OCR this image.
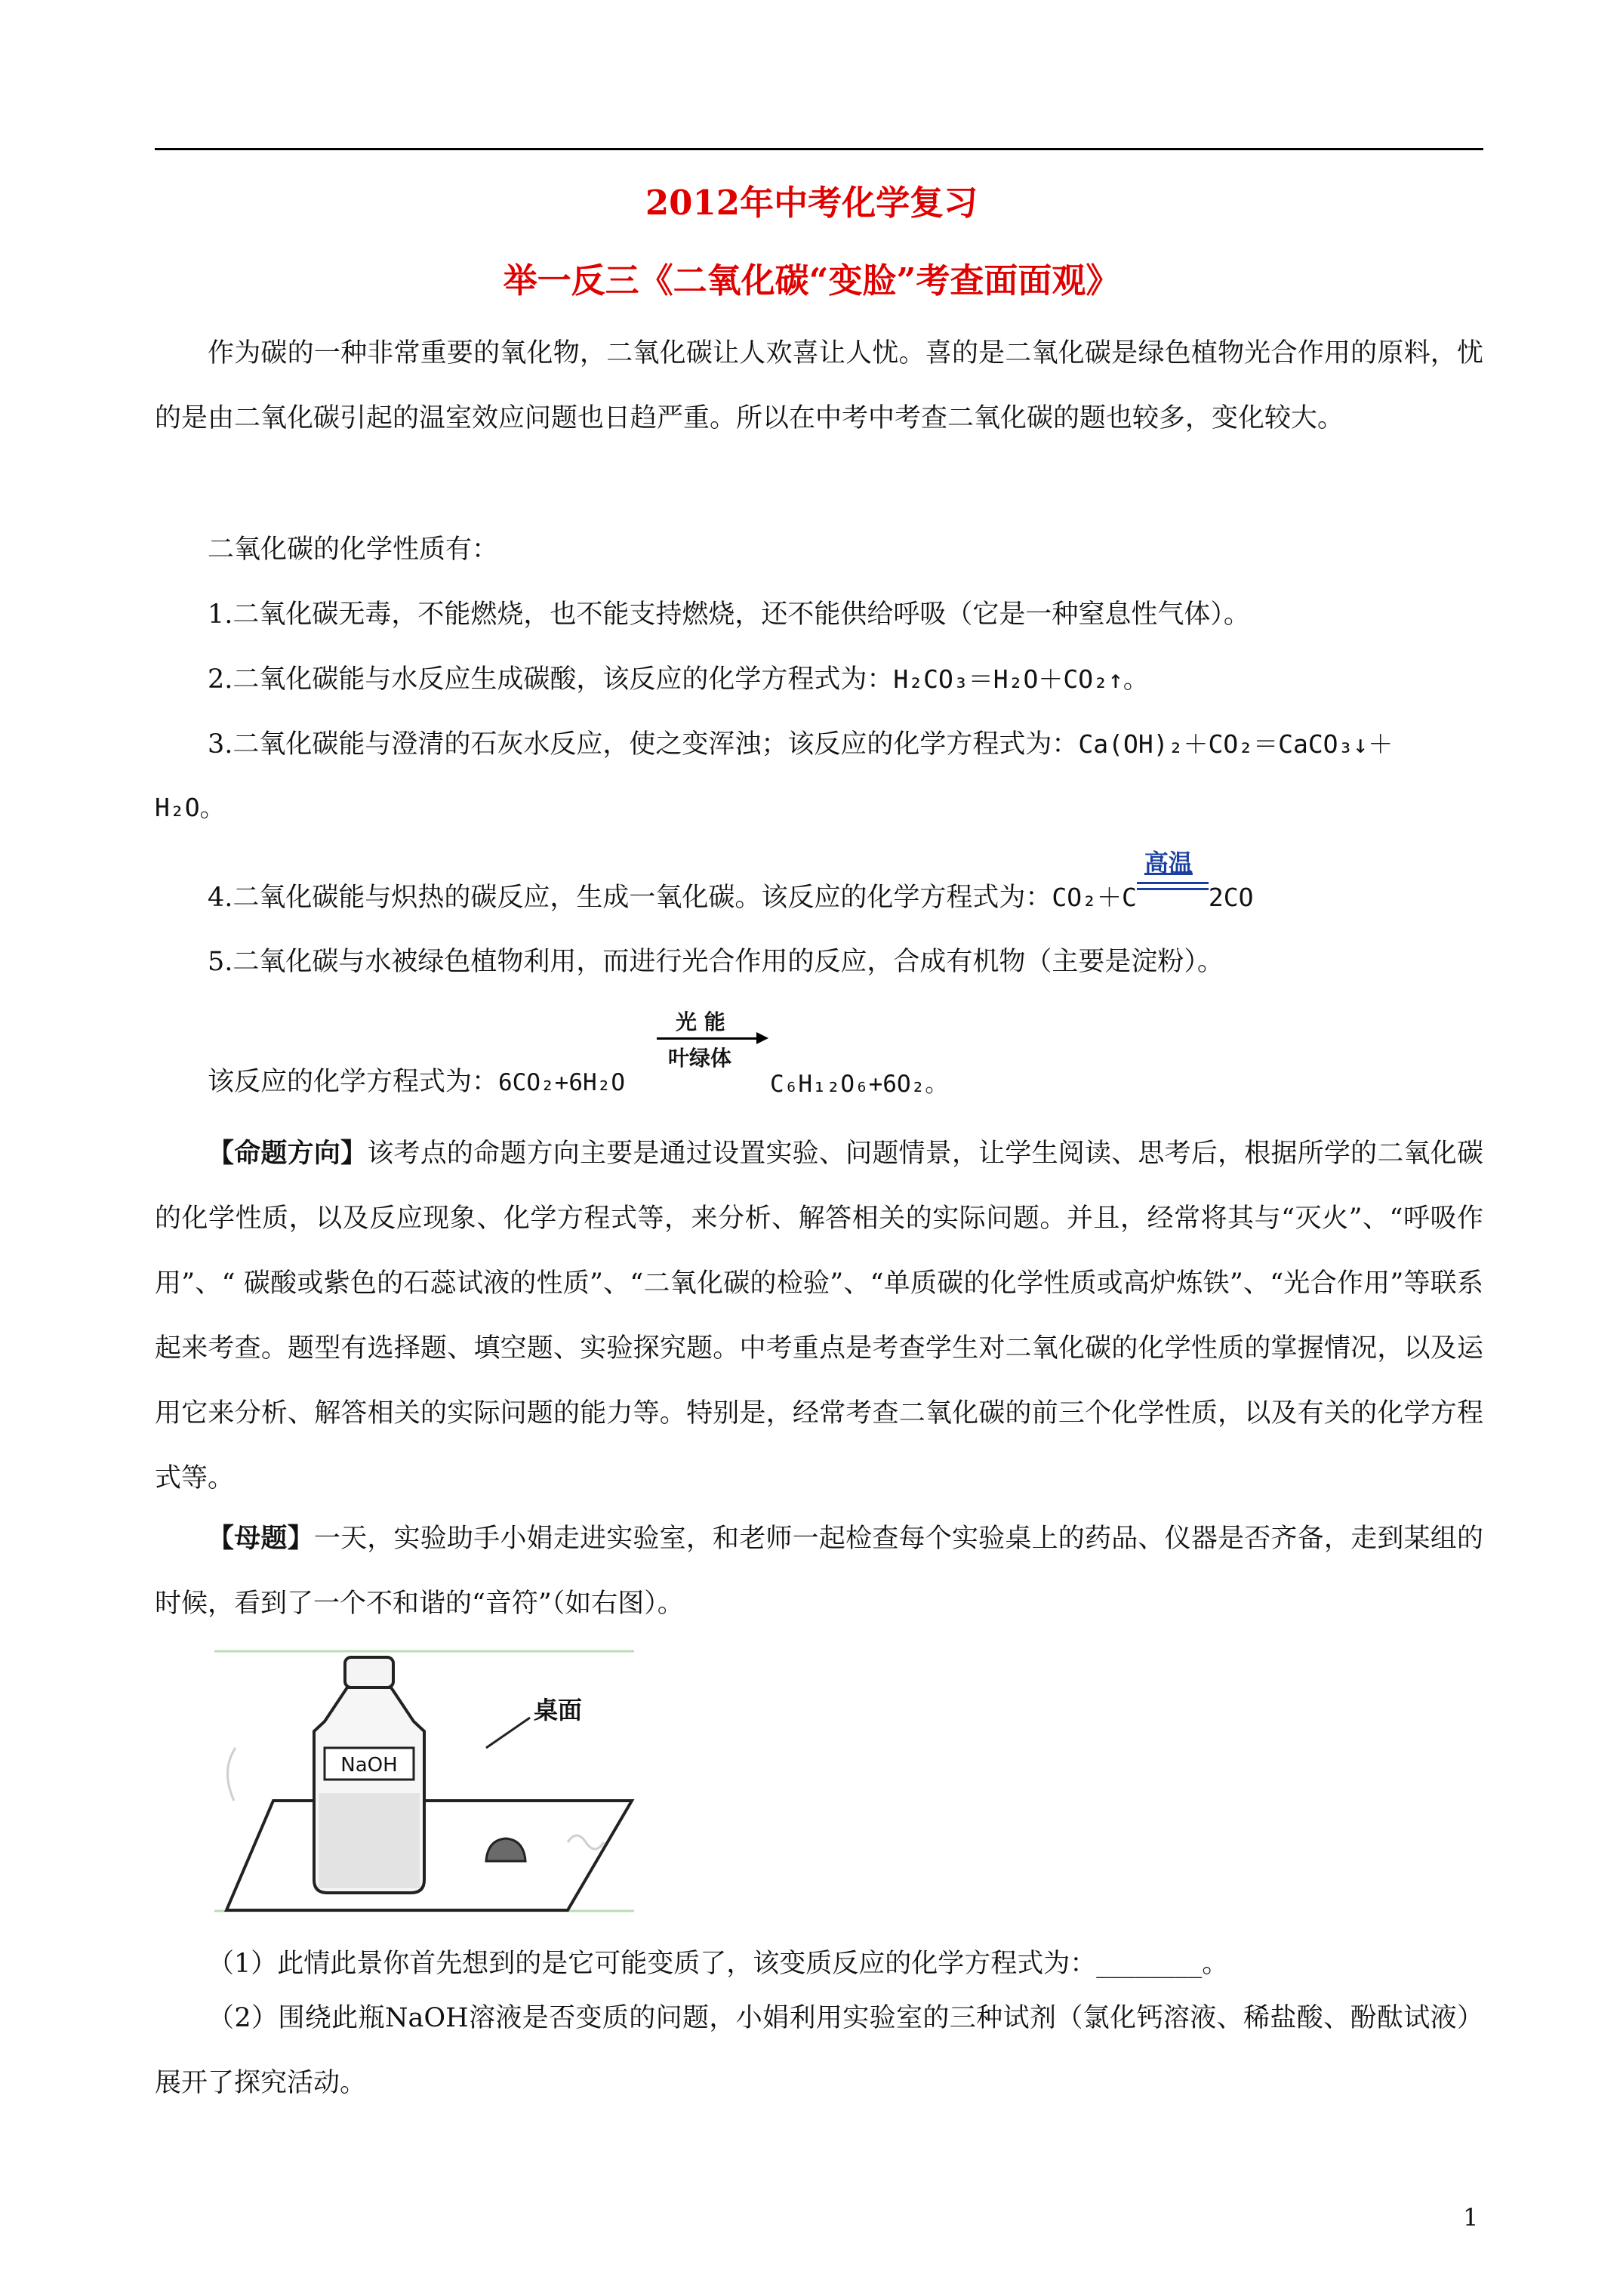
2012年中考化学复习
举一反三《二氧化碳“变脸”考查面面观》
作为碳的一种非常重要的氧化物，二氧化碳让人欢喜让人忧。喜的是二氧化碳是绿色植物光合作用的原料，忧的是由二氧化碳引起的温室效应问题也日趋严重。所以在中考中考查二氧化碳的题也较多，变化较大。
二氧化碳的化学性质有：
1.二氧化碳无毒，不能燃烧，也不能支持燃烧，还不能供给呼吸（它是一种窒息性气体）。
2.二氧化碳能与水反应生成碳酸，该反应的化学方程式为：H₂CO₃＝H₂O＋CO₂↑。
3.二氧化碳能与澄清的石灰水反应，使之变浑浊；该反应的化学方程式为：Ca(OH)₂＋CO₂＝CaCO₃↓＋
H₂O。
4.二氧化碳能与炽热的碳反应，生成一氧化碳。该反应的化学方程式为：CO₂＋C
高温
2CO
5.二氧化碳与水被绿色植物利用，而进行光合作用的反应，合成有机物（主要是淀粉）。
该反应的化学方程式为：6CO₂+6H₂O
光 能
叶绿体
C₆H₁₂O₆+6O₂。
【命题方向】该考点的命题方向主要是通过设置实验、问题情景，让学生阅读、思考后，根据所学的二氧化碳的化学性质，以及反应现象、化学方程式等，来分析、解答相关的实际问题。并且，经常将其与“灭火”、“呼吸作用”、“ 碳酸或紫色的石蕊试液的性质”、“二氧化碳的检验”、“单质碳的化学性质或高炉炼铁”、“光合作用”等联系起来考查。题型有选择题、填空题、实验探究题。中考重点是考查学生对二氧化碳的化学性质的掌握情况，以及运用它来分析、解答相关的实际问题的能力等。特别是，经常考查二氧化碳的前三个化学性质，以及有关的化学方程式等。
【母题】一天，实验助手小娟走进实验室，和老师一起检查每个实验桌上的药品、仪器是否齐备，走到某组的时候，看到了一个不和谐的“音符”（如右图）。
NaOH
桌面
（1）此情此景你首先想到的是它可能变质了，该变质反应的化学方程式为：________。
（2）围绕此瓶NaOH溶液是否变质的问题，小娟利用实验室的三种试剂（氯化钙溶液、稀盐酸、酚酞试液）展开了探究活动。
1
